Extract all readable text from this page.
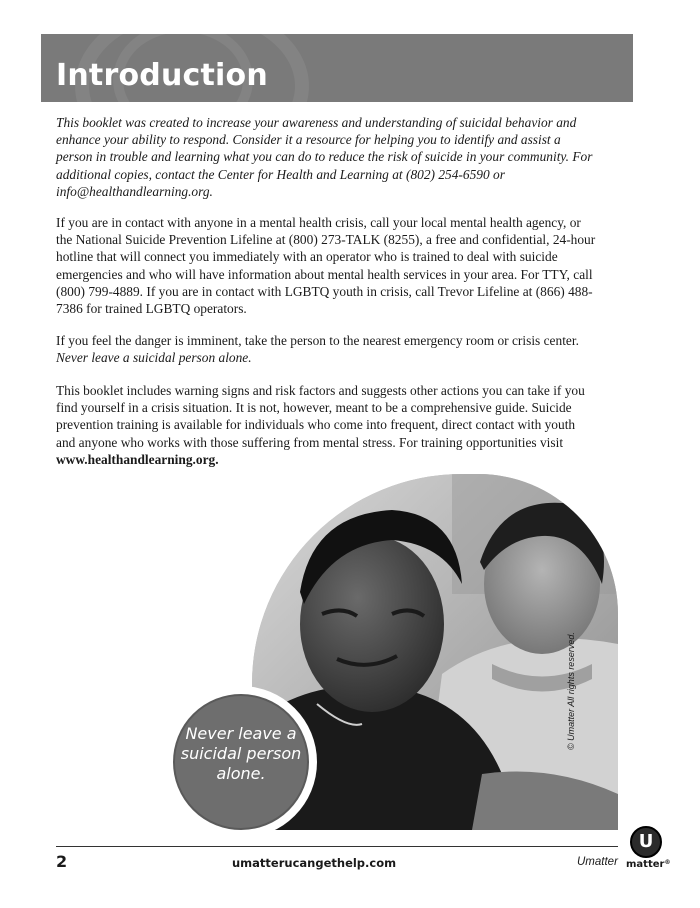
Introduction

This booklet was created to increase your awareness and understanding of suicidal behavior and enhance your ability to respond. Consider it a resource for helping you to identify and assist a person in trouble and learning what you can do to reduce the risk of suicide in your community. For additional copies, contact the Center for Health and Learning at (802) 254-6590 or info@healthandlearning.org.

If you are in contact with anyone in a mental health crisis, call your local mental health agency, or the National Suicide Prevention Lifeline at (800) 273-TALK (8255), a free and confidential, 24-hour hotline that will connect you immediately with an operator who is trained to deal with suicide emergencies and who will have information about mental health services in your area. For TTY, call (800) 799-4889. If you are in contact with LGBTQ youth in crisis, call Trevor Lifeline at (866) 488-7386 for trained LGBTQ operators.

If you feel the danger is imminent, take the person to the nearest emergency room or crisis center. Never leave a suicidal person alone.

This booklet includes warning signs and risk factors and suggests other actions you can take if you find yourself in a crisis situation. It is not, however, meant to be a comprehensive guide. Suicide prevention training is available for individuals who come into frequent, direct contact with youth and anyone who works with those suffering from mental stress. For training opportunities visit www.healthandlearning.org.

Never leave a
suicidal person
alone.
© Umatter All rights reserved.
2	umatterucangethelp.com	Umatter
U
matter®
